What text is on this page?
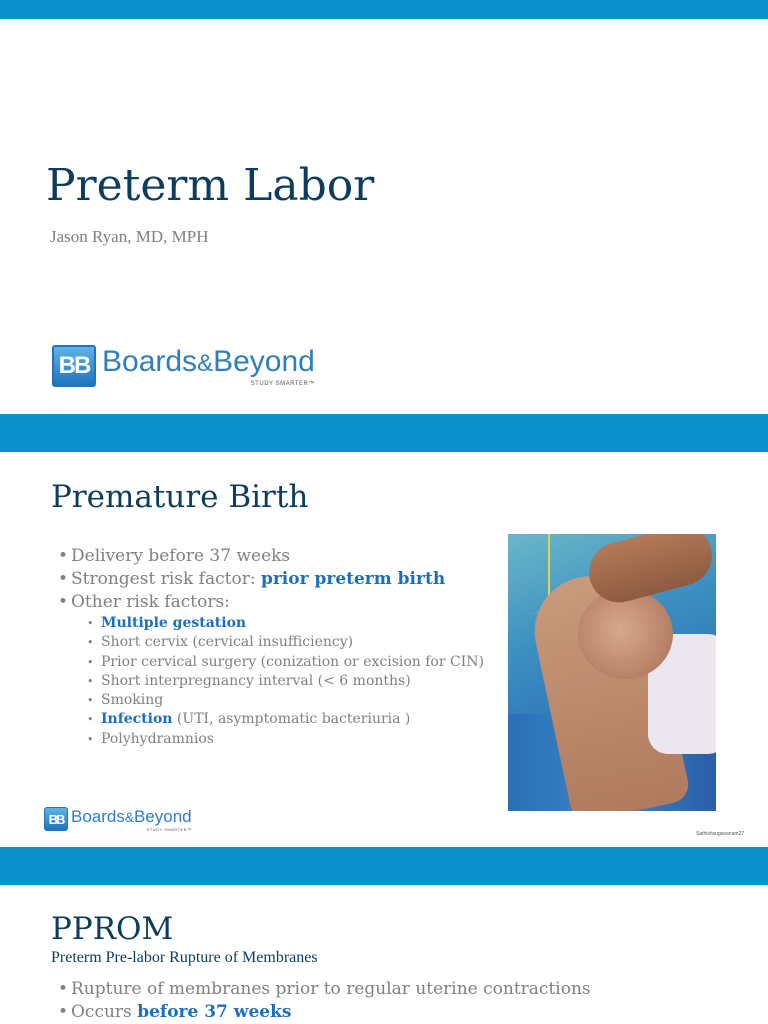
Preterm Labor
Jason Ryan, MD, MPH
BB Boards&Beyond
STUDY SMARTER™
Premature Birth
• Delivery before 37 weeks
• Strongest risk factor: prior preterm birth
• Other risk factors:
• Multiple gestation
• Short cervix (cervical insufficiency)
• Prior cervical surgery (conization or excision for CIN)
• Short interpregnancy interval (< 6 months)
• Smoking
• Infection (UTI, asymptomatic bacteriuria )
• Polyhydramnios
Sathishsugavanam27
BB Boards&Beyond
STUDY SMARTER™
PPROM
Preterm Pre-labor Rupture of Membranes
• Rupture of membranes prior to regular uterine contractions
• Occurs before 37 weeks
